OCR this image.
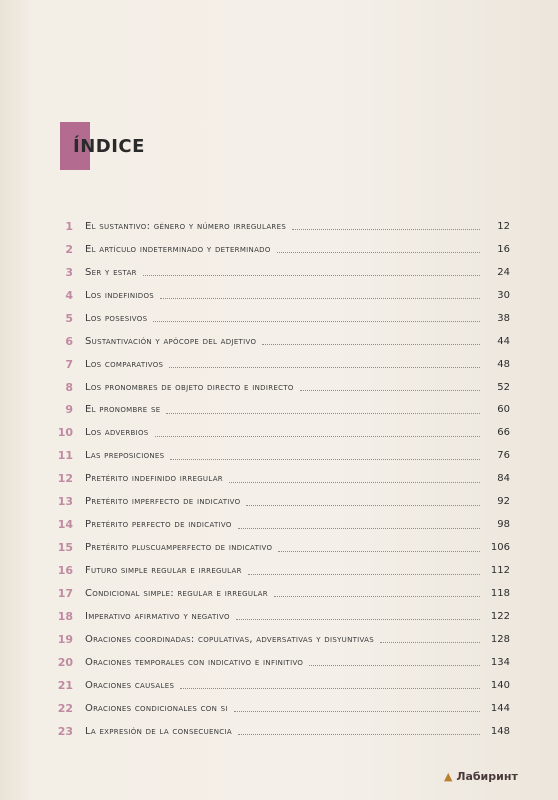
ÍNDICE
1 El sustantivo: género y número irregulares	12
2 El artículo indeterminado y determinado	16
3 Ser y estar	24
4 Los indefinidos	30
5 Los posesivos	38
6 Sustantivación y apócope del adjetivo	44
7 Los comparativos	48
8 Los pronombres de objeto directo e indirecto	52
9 El pronombre se	60
10 Los adverbios	66
11 Las preposiciones	76
12 Pretérito indefinido irregular	84
13 Pretérito imperfecto de indicativo	92
14 Pretérito perfecto de indicativo	98
15 Pretérito pluscuamperfecto de indicativo	106
16 Futuro simple regular e irregular	112
17 Condicional simple: regular e irregular	118
18 Imperativo afirmativo y negativo	122
19 Oraciones coordinadas: copulativas, adversativas y disyuntivas	128
20 Oraciones temporales con indicativo e infinitivo	134
21 Oraciones causales	140
22 Oraciones condicionales con si	144
23 La expresión de la consecuencia	148
▲ Лабиринт
